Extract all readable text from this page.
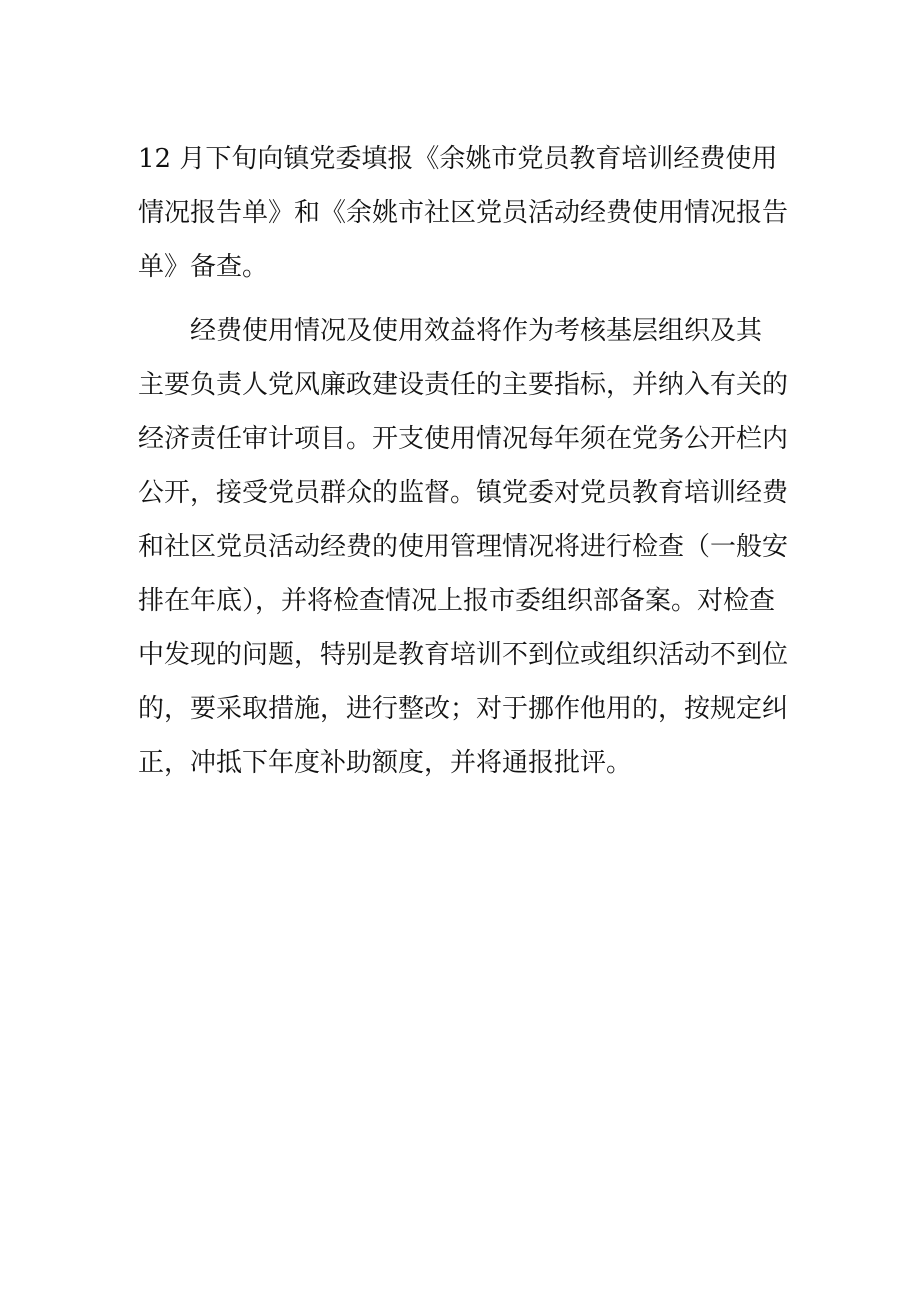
12 月下旬向镇党委填报《余姚市党员教育培训经费使用
情况报告单》和《余姚市社区党员活动经费使用情况报告
单》备查。
经费使用情况及使用效益将作为考核基层组织及其
主要负责人党风廉政建设责任的主要指标，并纳入有关的
经济责任审计项目。开支使用情况每年须在党务公开栏内
公开，接受党员群众的监督。镇党委对党员教育培训经费
和社区党员活动经费的使用管理情况将进行检查（一般安
排在年底），并将检查情况上报市委组织部备案。对检查
中发现的问题，特别是教育培训不到位或组织活动不到位
的，要采取措施，进行整改；对于挪作他用的，按规定纠
正，冲抵下年度补助额度，并将通报批评。
